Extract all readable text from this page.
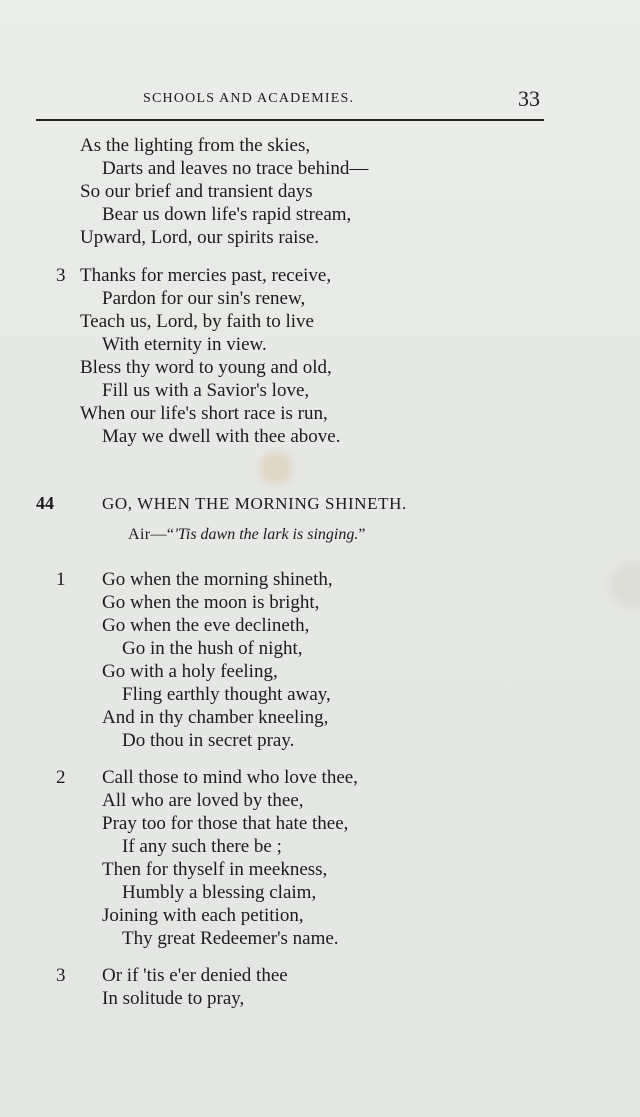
SCHOOLS AND ACADEMIES.	33
As the lighting from the skies,
Darts and leaves no trace behind—
So our brief and transient days
Bear us down life's rapid stream,
Upward, Lord, our spirits raise.
3 Thanks for mercies past, receive,
Pardon for our sin's renew,
Teach us, Lord, by faith to live
With eternity in view.
Bless thy word to young and old,
Fill us with a Savior's love,
When our life's short race is run,
May we dwell with thee above.
44	GO, WHEN THE MORNING SHINETH.
Air—“'Tis dawn the lark is singing.”
1 Go when the morning shineth,
Go when the moon is bright,
Go when the eve declineth,
Go in the hush of night,
Go with a holy feeling,
Fling earthly thought away,
And in thy chamber kneeling,
Do thou in secret pray.
2 Call those to mind who love thee,
All who are loved by thee,
Pray too for those that hate thee,
If any such there be ;
Then for thyself in meekness,
Humbly a blessing claim,
Joining with each petition,
Thy great Redeemer's name.
3 Or if 'tis e'er denied thee
In solitude to pray,
